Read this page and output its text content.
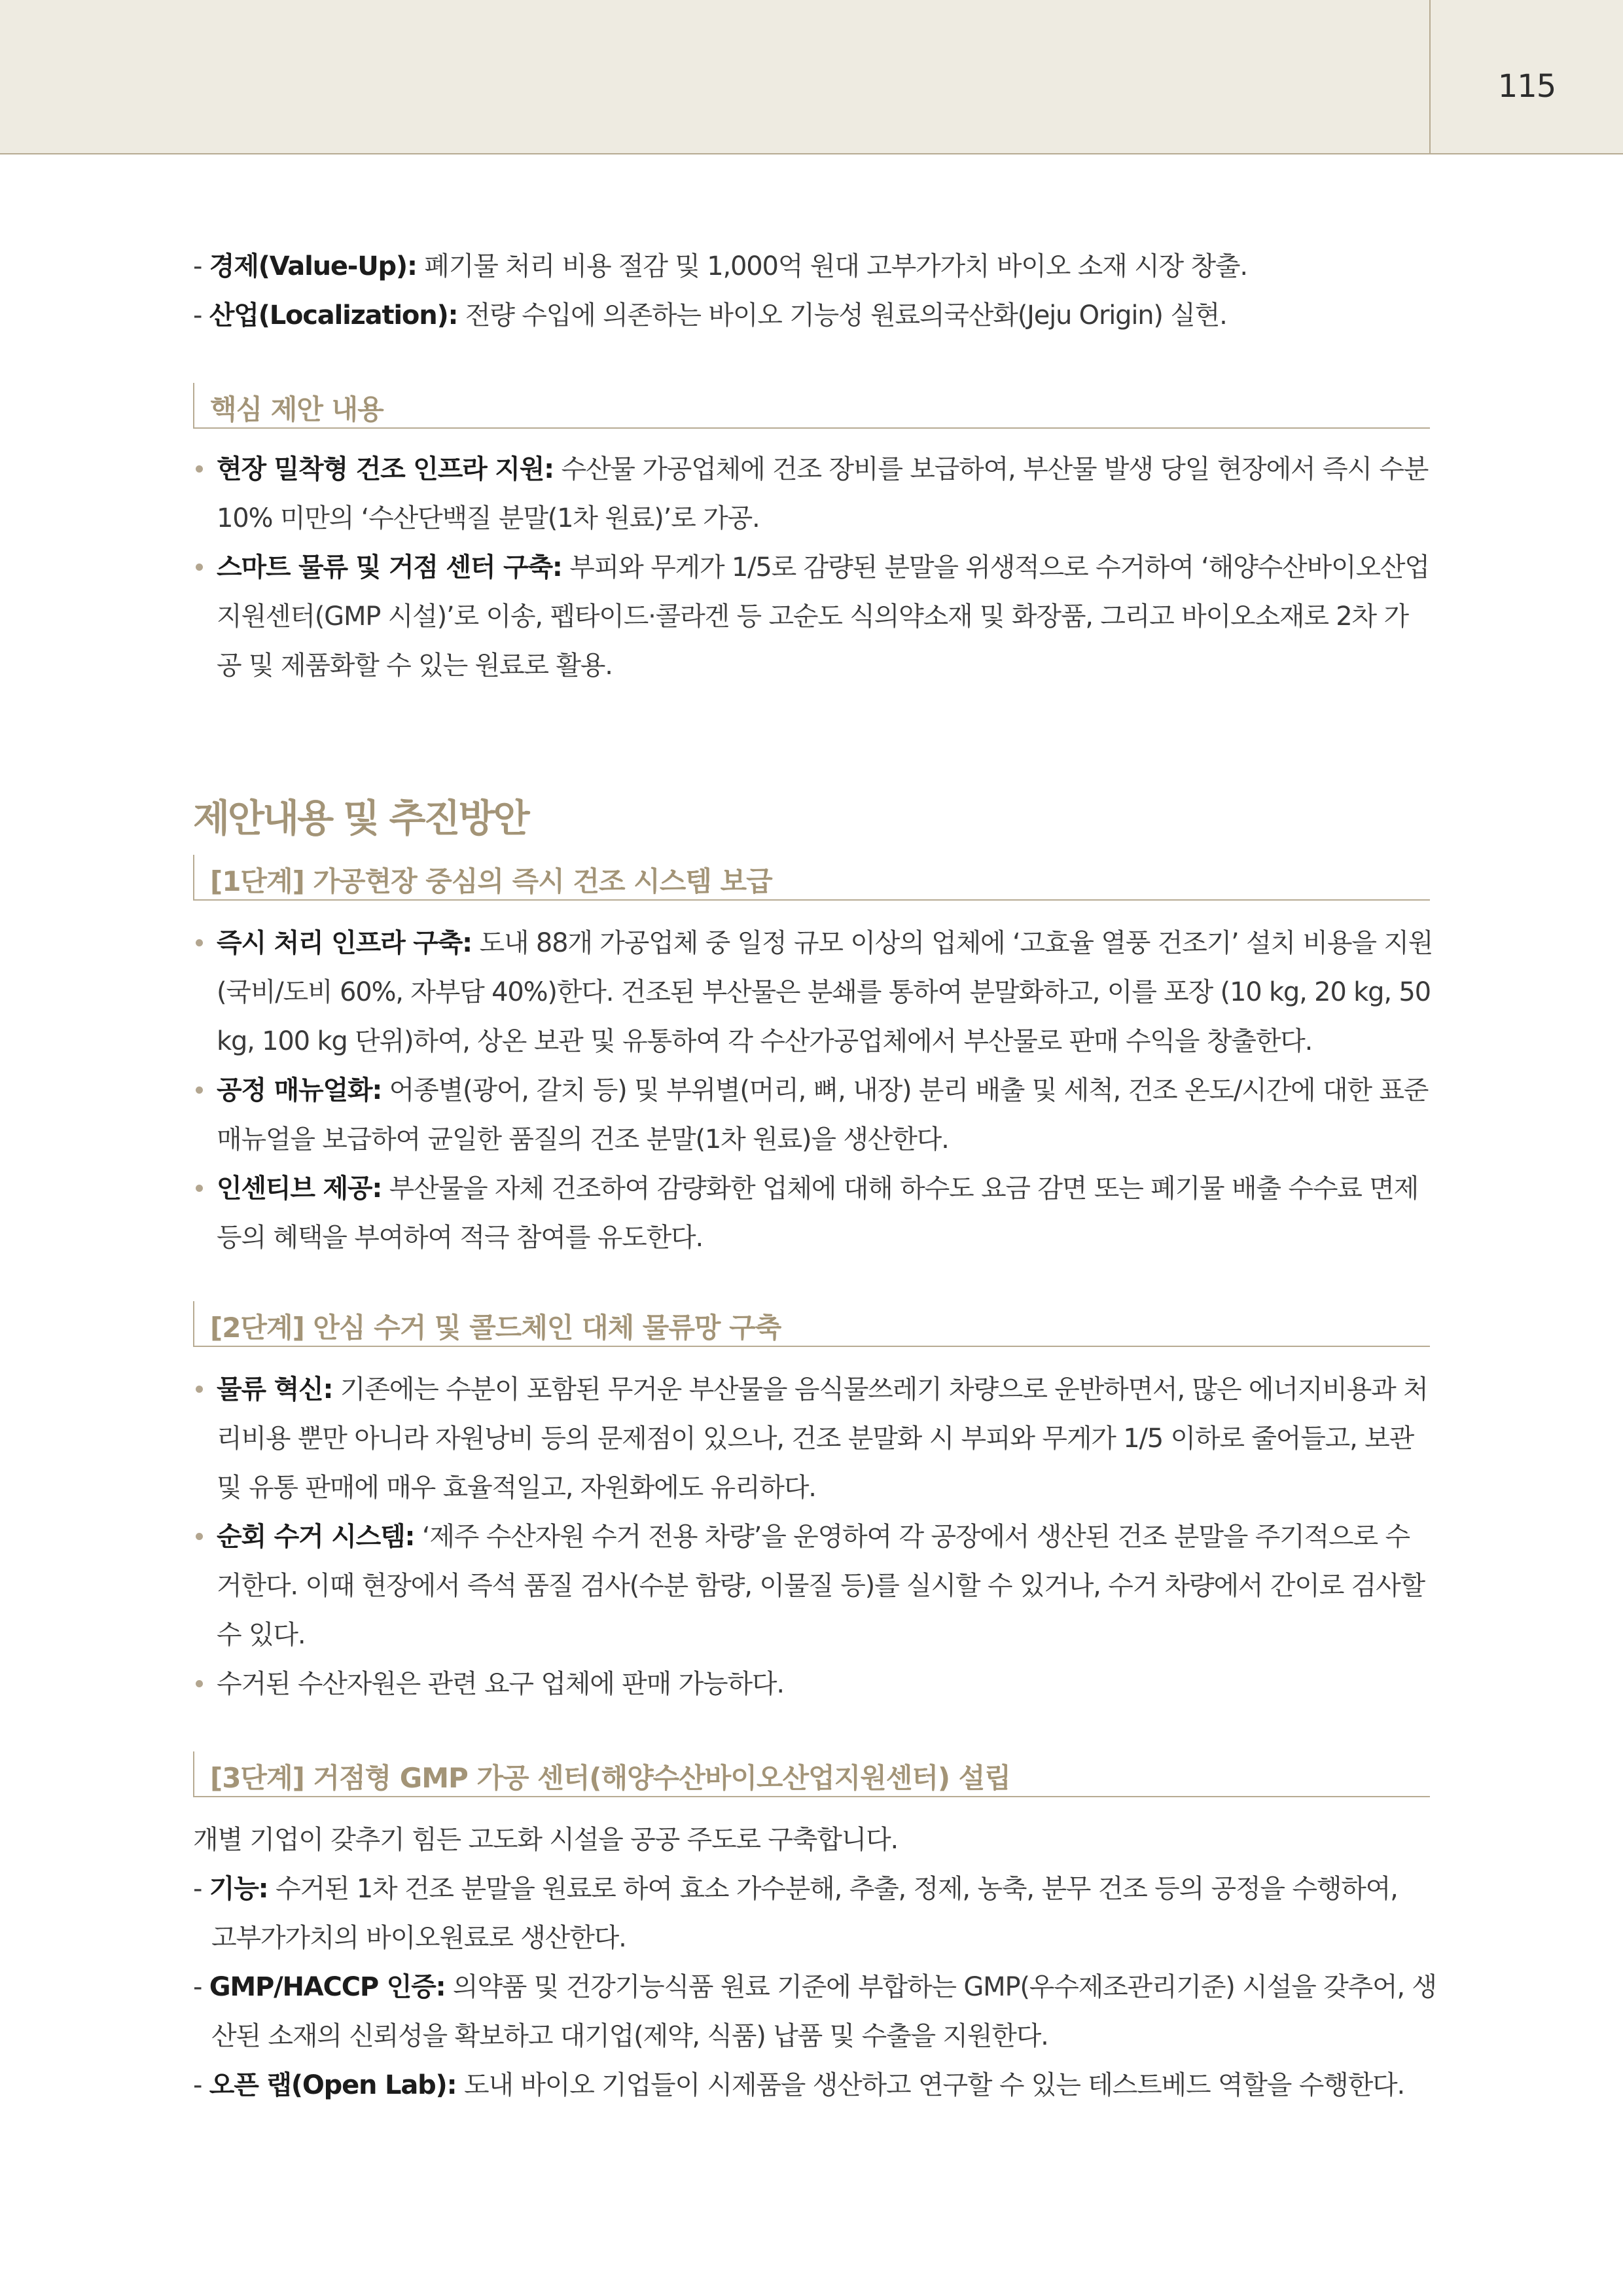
115
- 경제(Value-Up): 폐기물 처리 비용 절감 및 1,000억 원대 고부가가치 바이오 소재 시장 창출.
- 산업(Localization): 전량 수입에 의존하는 바이오 기능성 원료의국산화(Jeju Origin) 실현.
핵심 제안 내용
현장 밀착형 건조 인프라 지원: 수산물 가공업체에 건조 장비를 보급하여, 부산물 발생 당일 현장에서 즉시 수분
10% 미만의 ‘수산단백질 분말(1차 원료)’로 가공.
스마트 물류 및 거점 센터 구축: 부피와 무게가 1/5로 감량된 분말을 위생적으로 수거하여 ‘해양수산바이오산업
지원센터(GMP 시설)’로 이송, 펩타이드·콜라겐 등 고순도 식의약소재 및 화장품, 그리고 바이오소재로 2차 가
공 및 제품화할 수 있는 원료로 활용.
제안내용 및 추진방안
[1단계] 가공현장 중심의 즉시 건조 시스템 보급
즉시 처리 인프라 구축: 도내 88개 가공업체 중 일정 규모 이상의 업체에 ‘고효율 열풍 건조기’ 설치 비용을 지원
(국비/도비 60%, 자부담 40%)한다. 건조된 부산물은 분쇄를 통하여 분말화하고, 이를 포장 (10 kg, 20 kg, 50
kg, 100 kg 단위)하여, 상온 보관 및 유통하여 각 수산가공업체에서 부산물로 판매 수익을 창출한다.
공정 매뉴얼화: 어종별(광어, 갈치 등) 및 부위별(머리, 뼈, 내장) 분리 배출 및 세척, 건조 온도/시간에 대한 표준
매뉴얼을 보급하여 균일한 품질의 건조 분말(1차 원료)을 생산한다.
인센티브 제공: 부산물을 자체 건조하여 감량화한 업체에 대해 하수도 요금 감면 또는 폐기물 배출 수수료 면제
등의 혜택을 부여하여 적극 참여를 유도한다.
[2단계] 안심 수거 및 콜드체인 대체 물류망 구축
물류 혁신: 기존에는 수분이 포함된 무거운 부산물을 음식물쓰레기 차량으로 운반하면서, 많은 에너지비용과 처
리비용 뿐만 아니라 자원낭비 등의 문제점이 있으나, 건조 분말화 시 부피와 무게가 1/5 이하로 줄어들고, 보관
및 유통 판매에 매우 효율적일고, 자원화에도 유리하다.
순회 수거 시스템: ‘제주 수산자원 수거 전용 차량’을 운영하여 각 공장에서 생산된 건조 분말을 주기적으로 수
거한다. 이때 현장에서 즉석 품질 검사(수분 함량, 이물질 등)를 실시할 수 있거나, 수거 차량에서 간이로 검사할
수 있다.
수거된 수산자원은 관련 요구 업체에 판매 가능하다.
[3단계] 거점형 GMP 가공 센터(해양수산바이오산업지원센터) 설립
개별 기업이 갖추기 힘든 고도화 시설을 공공 주도로 구축합니다.
- 기능: 수거된 1차 건조 분말을 원료로 하여 효소 가수분해, 추출, 정제, 농축, 분무 건조 등의 공정을 수행하여,
고부가가치의 바이오원료로 생산한다.
- GMP/HACCP 인증: 의약품 및 건강기능식품 원료 기준에 부합하는 GMP(우수제조관리기준) 시설을 갖추어, 생
산된 소재의 신뢰성을 확보하고 대기업(제약, 식품) 납품 및 수출을 지원한다.
- 오픈 랩(Open Lab): 도내 바이오 기업들이 시제품을 생산하고 연구할 수 있는 테스트베드 역할을 수행한다.
